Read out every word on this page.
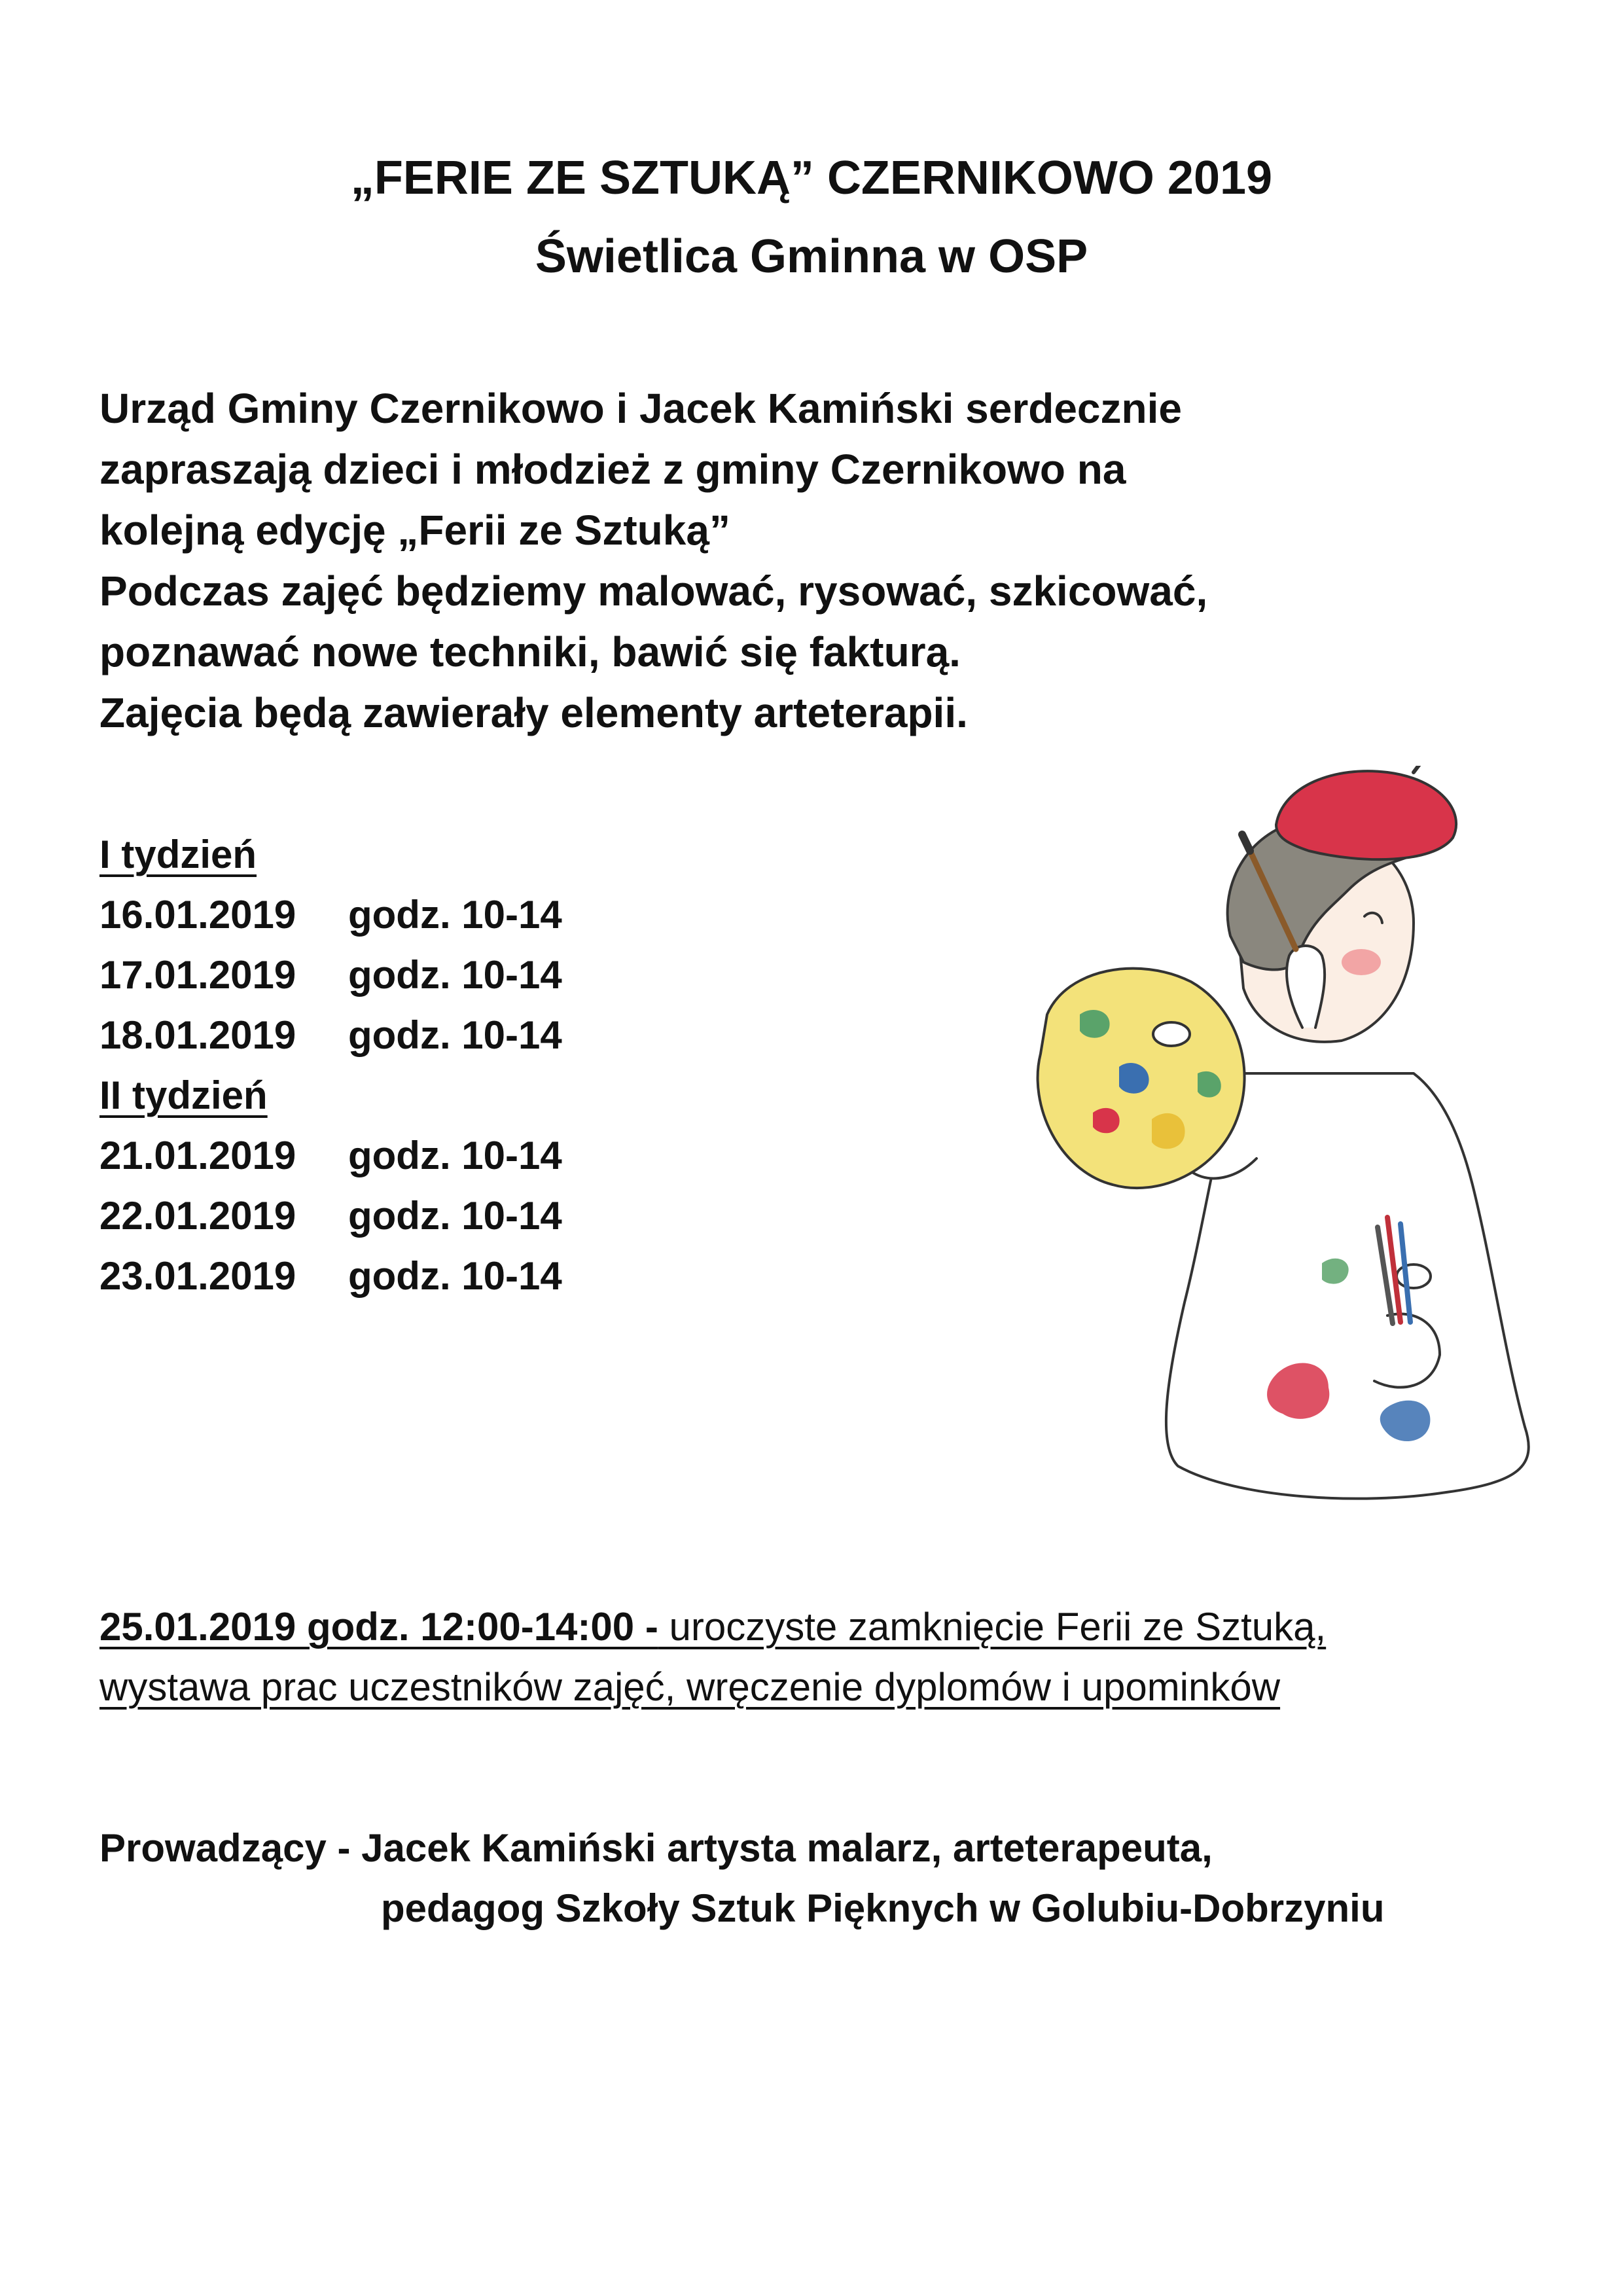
„FERIE ZE SZTUKĄ” CZERNIKOWO 2019
Świetlica Gminna w OSP
Urząd Gminy Czernikowo i Jacek Kamiński serdecznie
zapraszają dzieci i młodzież z gminy Czernikowo na
kolejną edycję „Ferii ze Sztuką”
Podczas zajęć będziemy malować, rysować, szkicować,
poznawać nowe techniki, bawić się fakturą.
Zajęcia będą zawierały elementy arteterapii.
I tydzień
16.01.2019 godz. 10-14
17.01.2019 godz. 10-14
18.01.2019 godz. 10-14
II tydzień
21.01.2019 godz. 10-14
22.01.2019 godz. 10-14
23.01.2019 godz. 10-14
25.01.2019 godz. 12:00-14:00 - uroczyste zamknięcie Ferii ze Sztuką,
wystawa prac uczestników zajęć, wręczenie dyplomów i upominków
Prowadzący - Jacek Kamiński artysta malarz, arteterapeuta,
pedagog Szkoły Sztuk Pięknych w Golubiu-Dobrzyniu
